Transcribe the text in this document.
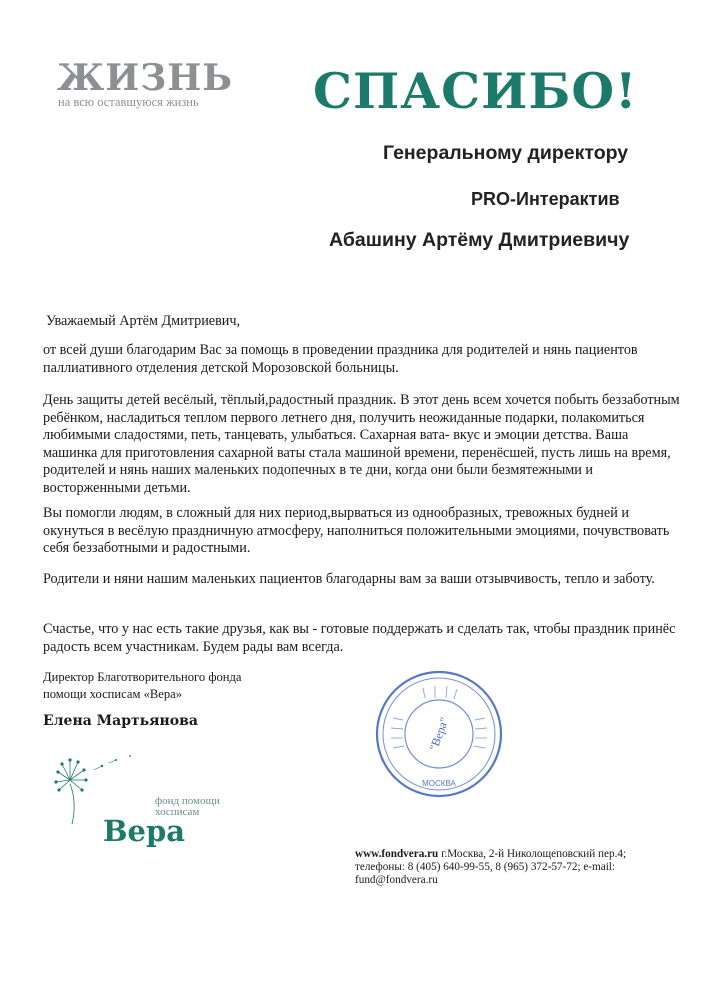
ЖИЗНЬ
на всю оставшуюся жизнь СПАСИБО!
Генеральному директору
PRO-Интерактив
Абашину Артёму Дмитриевичу
Уважаемый Артём Дмитриевич,

от всей души благодарим Вас за помощь в проведении праздника для родителей и нянь пациентов паллиативного отделения детской Морозовской больницы.

День защиты детей весёлый, тёплый,радостный праздник. В этот день всем хочется побыть беззаботным ребёнком, насладиться теплом первого летнего дня, получить неожиданные подарки, полакомиться любимыми сладостями, петь, танцевать, улыбаться. Сахарная вата- вкус и эмоции детства. Ваша машинка для приготовления сахарной ваты стала машиной времени, перенёсшей, пусть лишь на время, родителей и нянь наших маленьких подопечных в те дни, когда они были безмятежными и восторженными детьми.

Вы помогли людям, в сложный для них период,вырваться из однообразных, тревожных будней и окунуться в весёлую праздничную атмосферу, наполниться положительными эмоциями, почувствовать себя беззаботными и радостными.

Родители и няни нашим маленьких пациентов благодарны вам за ваши отзывчивость, тепло и заботу.

Счастье, что у нас есть такие друзья, как вы - готовые поддержать и сделать так, чтобы праздник принёс радость всем участникам. Будем рады вам всегда.

Директор Благотворительного фонда
помощи хосписам «Вера»
Елена Мартьянова	"Вера"
МОСКВА
фонд помощи хосписам
Вера
www.fondvera.ru г.Москва, 2-й Николощеповский пер.4;
телефоны: 8 (405) 640-99-55, 8 (965) 372-57-72; e-mail:
fund@fondvera.ru
